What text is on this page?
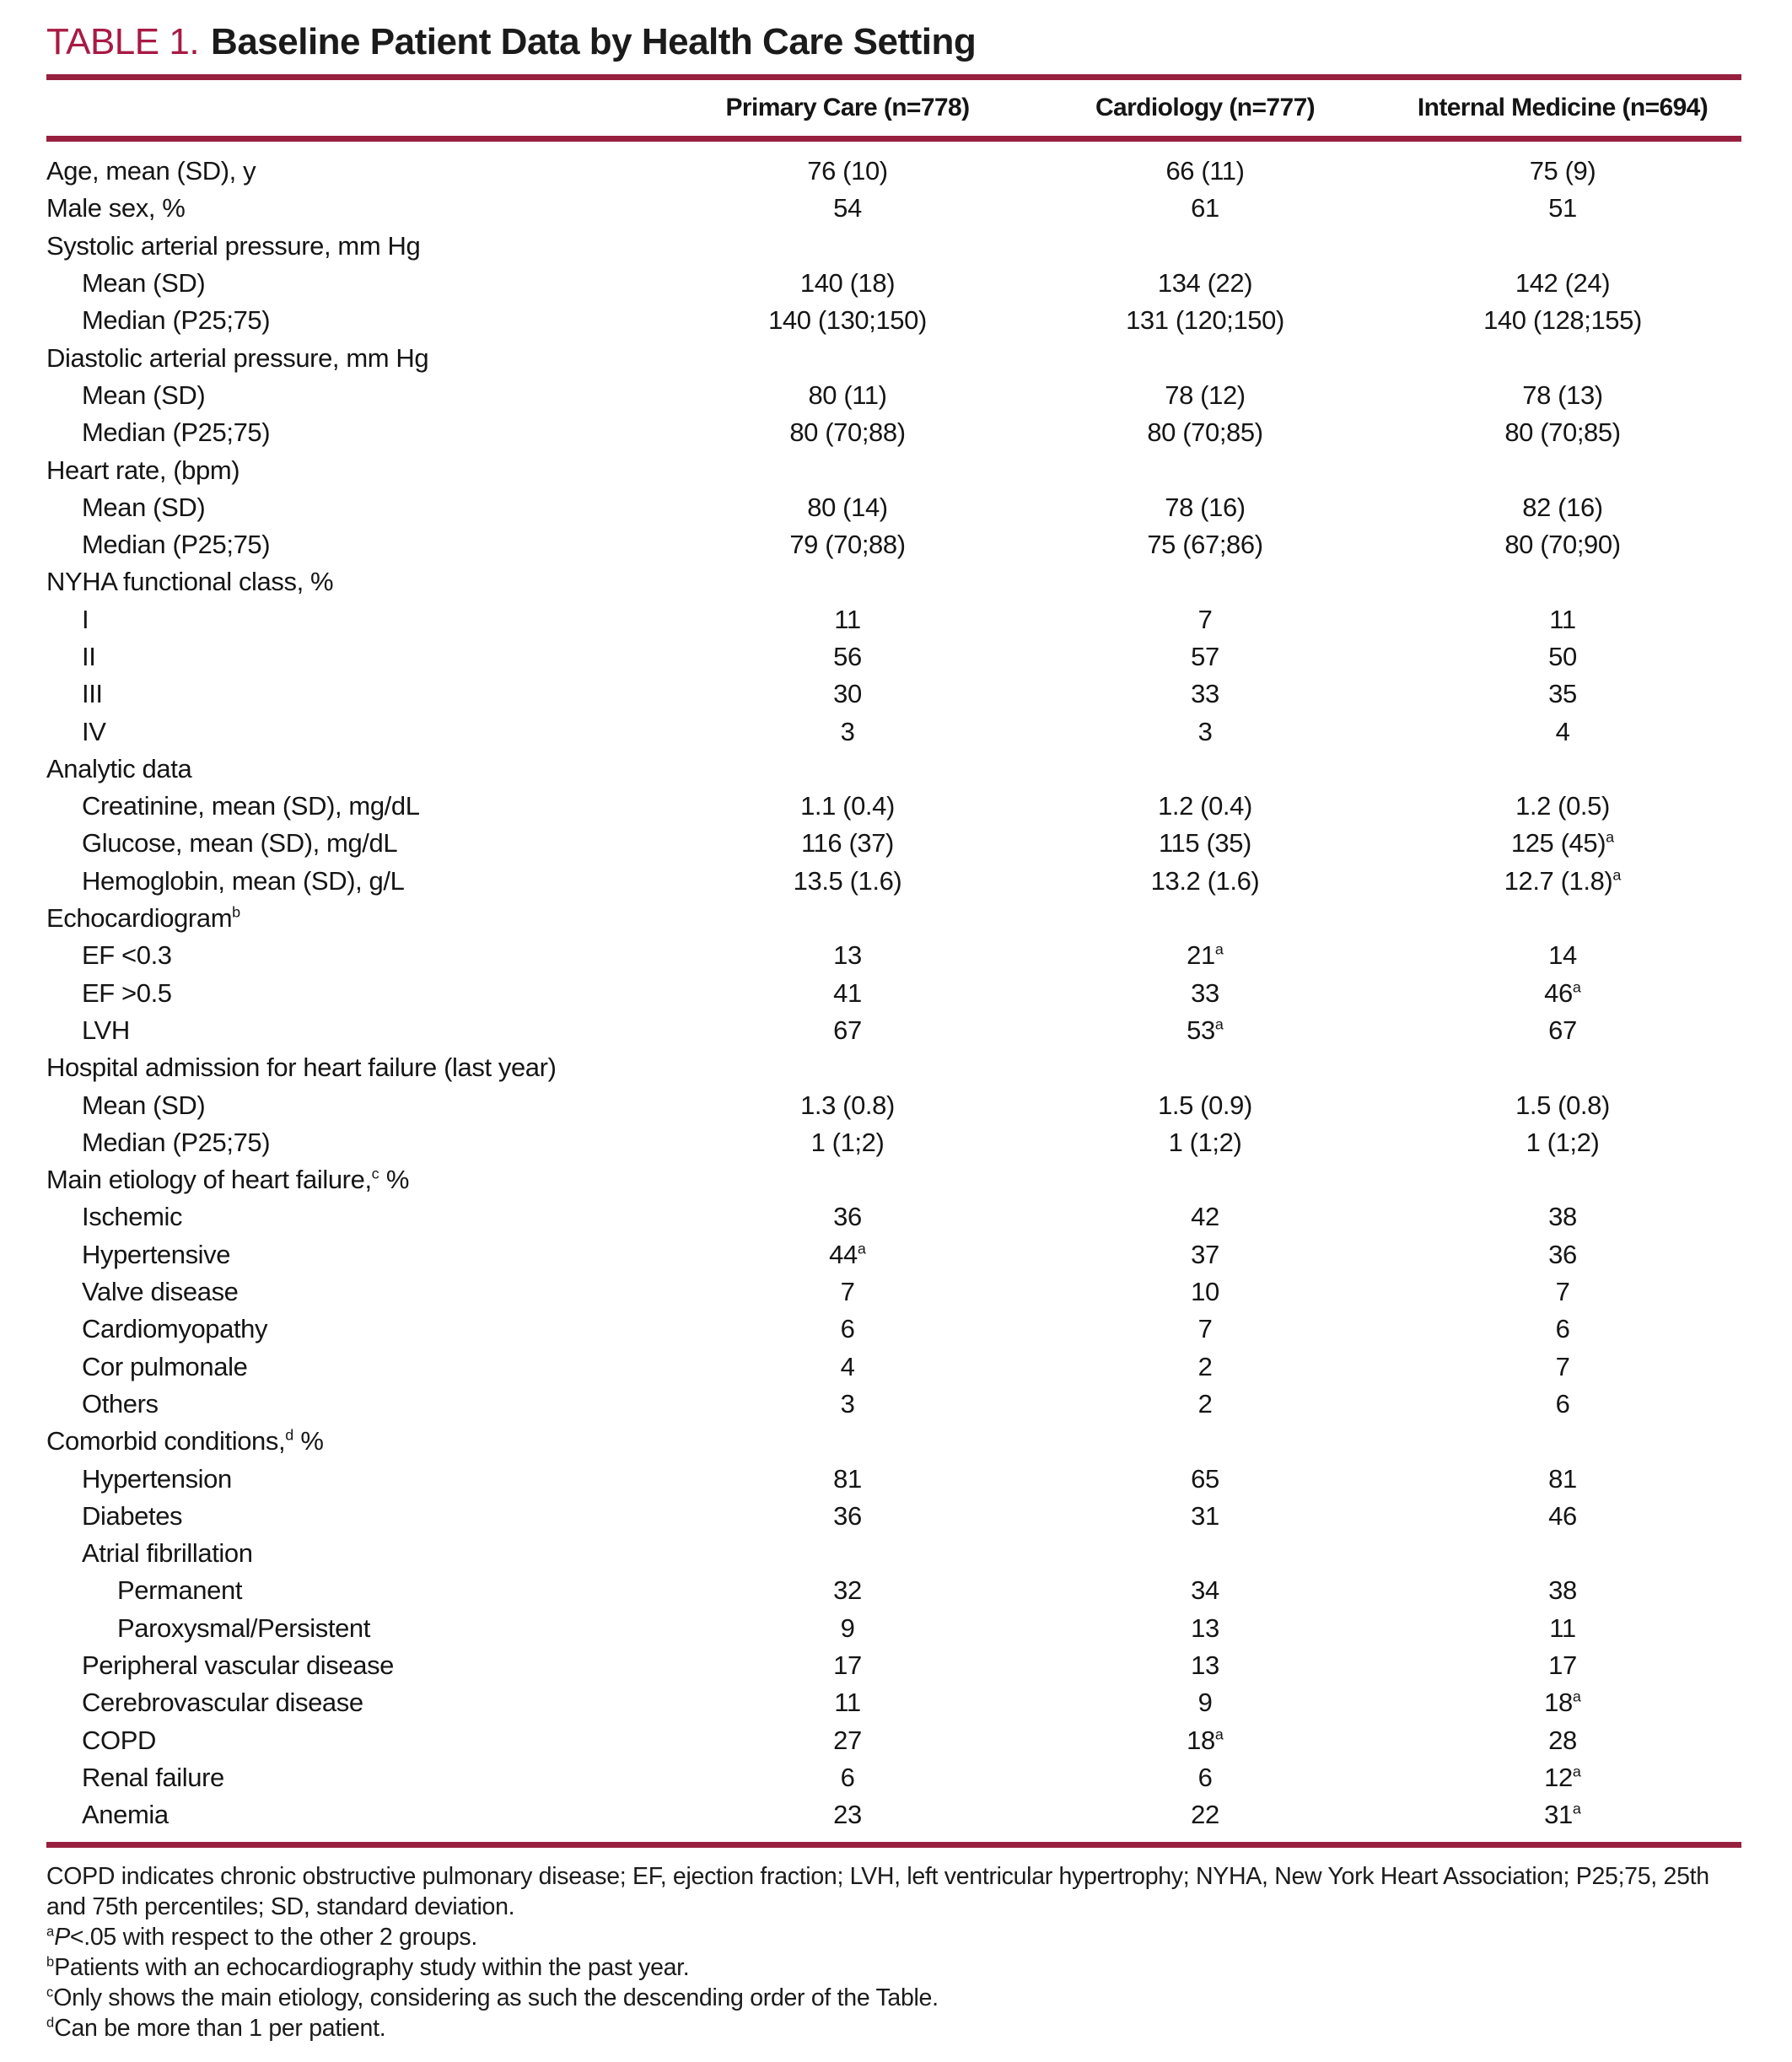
TABLE 1. Baseline Patient Data by Health Care Setting
Primary Care (n=778)	Cardiology (n=777)	Internal Medicine (n=694)
Age, mean (SD), y	76 (10)	66 (11)	75 (9)
Male sex, %	54	61	51
Systolic arterial pressure, mm Hg
Mean (SD)	140 (18)	134 (22)	142 (24)
Median (P25;75)	140 (130;150)	131 (120;150)	140 (128;155)
Diastolic arterial pressure, mm Hg
Mean (SD)	80 (11)	78 (12)	78 (13)
Median (P25;75)	80 (70;88)	80 (70;85)	80 (70;85)
Heart rate, (bpm)
Mean (SD)	80 (14)	78 (16)	82 (16)
Median (P25;75)	79 (70;88)	75 (67;86)	80 (70;90)
NYHA functional class, %
I	11	7	11
II	56	57	50
III	30	33	35
IV	3	3	4
Analytic data
Creatinine, mean (SD), mg/dL	1.1 (0.4)	1.2 (0.4)	1.2 (0.5)
Glucose, mean (SD), mg/dL	116 (37)	115 (35)	125 $(45)^a$
Hemoglobin, mean (SD), g/L	13.5 (1.6)	13.2 (1.6)	12.7 $(1.8)^a$
Echocardiogram$^b$
EF <0.3	13	21$^a$	14
EF >0.5	41	33	46$^a$
LVH	67	53$^a$	67
Hospital admission for heart failure (last year)
Mean (SD)	1.3 (0.8)	1.5 (0.9)	1.5 (0.8)
Median (P25;75)	1 (1;2)	1 (1;2)	1 (1;2)
Main etiology of heart failure,$^c$ %
Ischemic	36	42	38
Hypertensive	44$^a$	37	36
Valve disease	7	10	7
Cardiomyopathy	6	7	6
Cor pulmonale	4	2	7
Others	3	2	6
Comorbid conditions,$^d$ %
Hypertension	81	65	81
Diabetes	36	31	46
Atrial fibrillation
Permanent	32	34	38
Paroxysmal/Persistent	9	13	11
Peripheral vascular disease	17	13	17
Cerebrovascular disease	11	9	18$^a$
COPD	27	18$^a$	28
Renal failure	6	6	12$^a$
Anemia	23	22	31$^a$

COPD indicates chronic obstructive pulmonary disease; EF, ejection fraction; LVH, left ventricular hypertrophy; NYHA, New York Heart Association; P25;75, 25th and 75th percentiles; SD, standard deviation.

$^a$P<.05 with respect to the other 2 groups.

$^b$Patients with an echocardiography study within the past year.

$^c$Only shows the main etiology, considering as such the descending order of the Table.

$^d$Can be more than 1 per patient.
